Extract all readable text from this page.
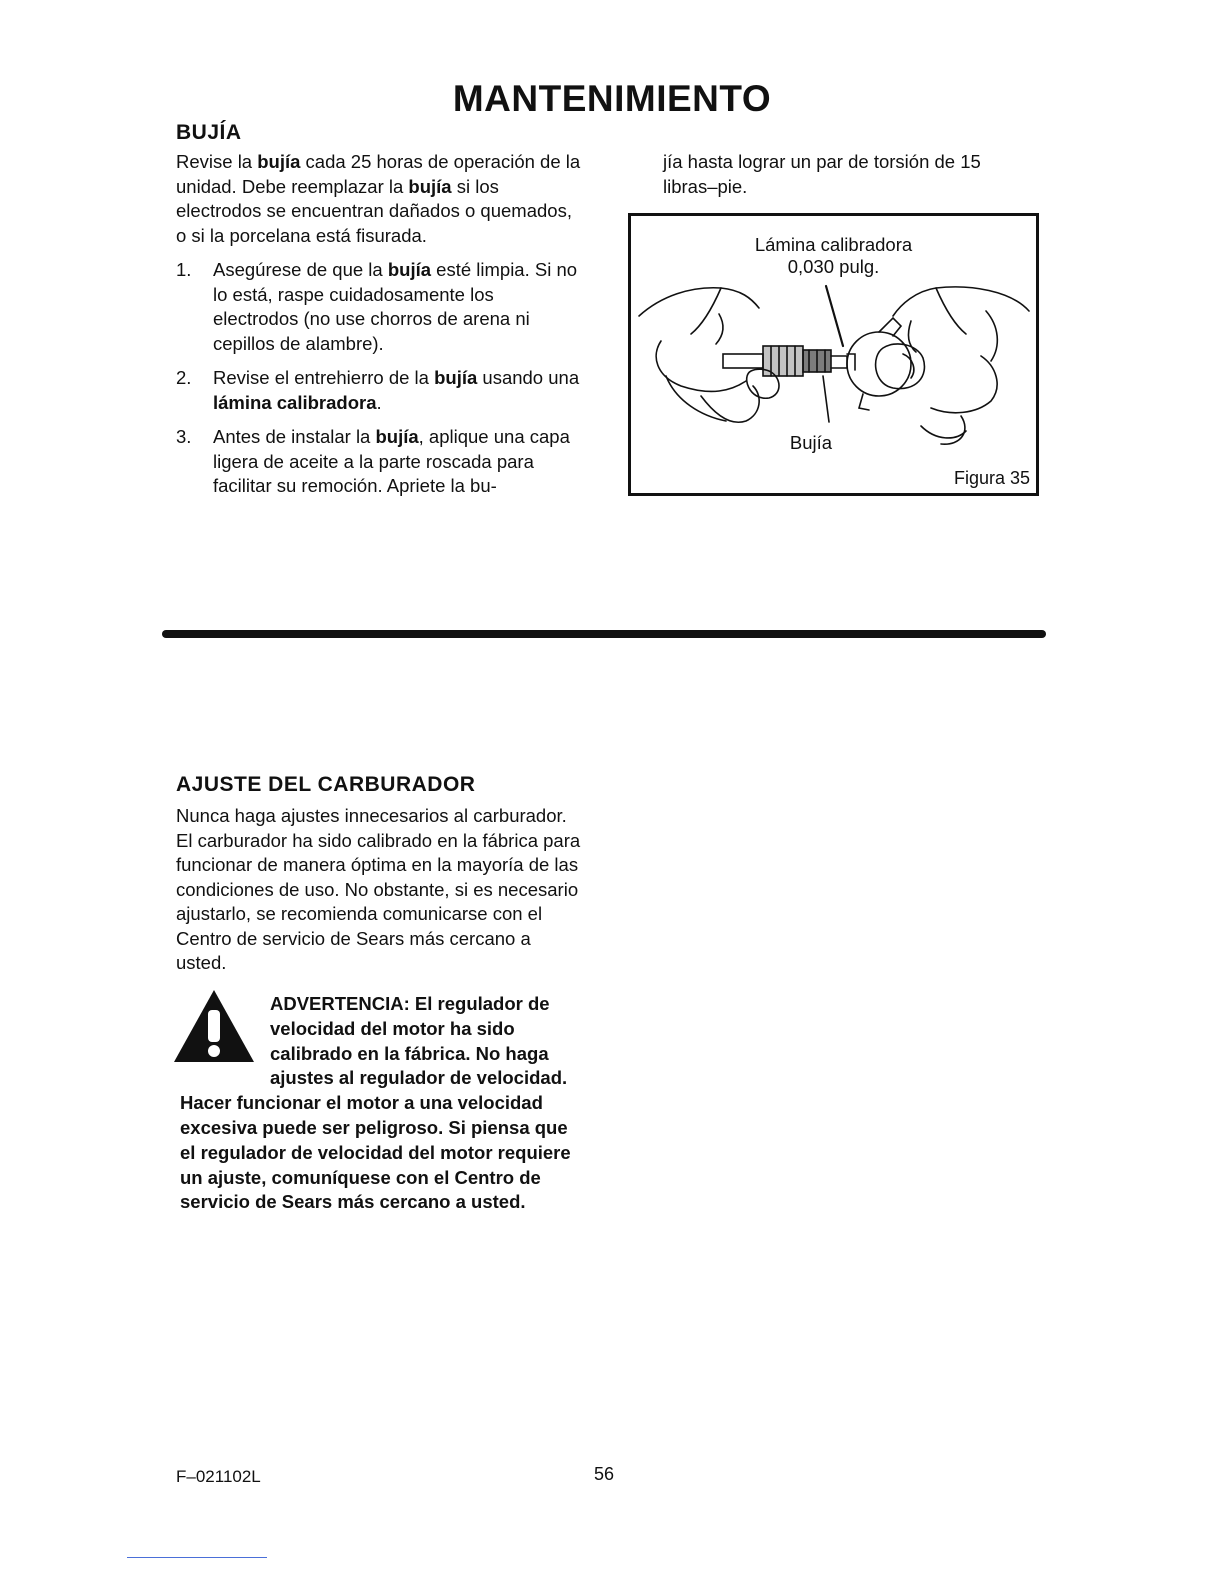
MANTENIMIENTO
BUJÍA

Revise la bujía cada 25 horas de operación de la unidad. Debe reemplazar la bujía si los electrodos se encuentran dañados o quemados, o si la porcelana está fisurada.

1. Asegúrese de que la bujía esté limpia. Si no lo está, raspe cuidadosamente los electrodos (no use chorros de arena ni cepillos de alambre).
2. Revise el entrehierro de la bujía usando una lámina calibradora.
3. Antes de instalar la bujía, aplique una capa ligera de aceite a la parte roscada para facilitar su remoción. Apriete la bu-
Lámina calibradora
0,030 pulg.
Bujía
Figura 35
AJUSTE DEL CARBURADOR

Nunca haga ajustes innecesarios al carburador. El carburador ha sido calibrado en la fábrica para funcionar de manera óptima en la mayoría de las condiciones de uso. No obstante, si es necesario ajustarlo, se recomienda comunicarse con el Centro de servicio de Sears más cercano a usted.

ADVERTENCIA: El regulador de velocidad del motor ha sido calibrado en la fábrica. No haga ajustes al regulador de velocidad. Hacer funcionar el motor a una velocidad excesiva puede ser peligroso. Si piensa que el regulador de velocidad del motor requiere un ajuste, comuníquese con el Centro de servicio de Sears más cercano a usted.
F–021102L	56
jía hasta lograr un par de torsión de 15 libras–pie.
